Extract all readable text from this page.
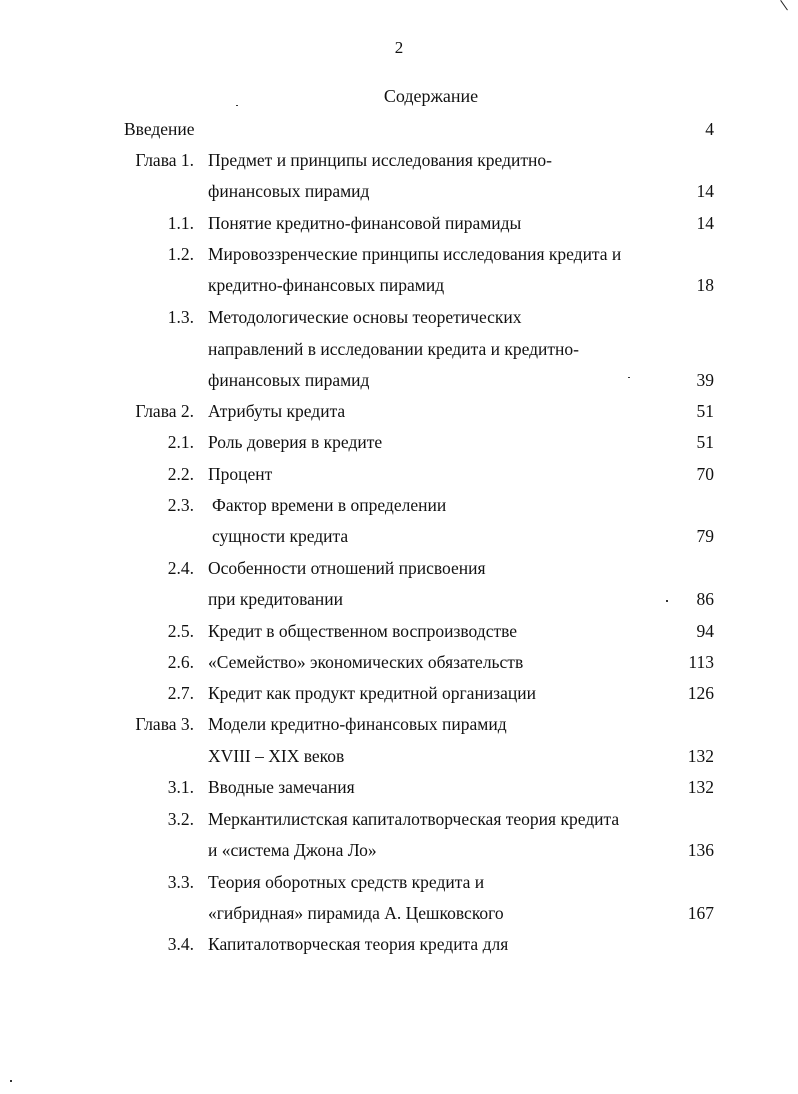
2
Содержание
Введение	4
Глава 1. Предмет и принципы исследования кредитно-
финансовых пирамид	14
1.1. Понятие кредитно-финансовой пирамиды	14
1.2. Мировоззренческие принципы исследования кредита и
кредитно-финансовых пирамид	18
1.3. Методологические основы теоретических
направлений в исследовании кредита и кредитно-
финансовых пирамид	39
Глава 2. Атрибуты кредита	51
2.1. Роль доверия в кредите	51
2.2. Процент	70
2.3. Фактор времени в определении
сущности кредита	79
2.4. Особенности отношений присвоения
при кредитовании	86
2.5. Кредит в общественном воспроизводстве	94
2.6. «Семейство» экономических обязательств	113
2.7. Кредит как продукт кредитной организации	126
Глава 3. Модели кредитно-финансовых пирамид
XVIII – XIX веков	132
3.1. Вводные замечания	132
3.2. Меркантилистская капиталотворческая теория кредита
и «система Джона Ло»	136
3.3. Теория оборотных средств кредита и
«гибридная» пирамида А. Цешковского	167
3.4. Капиталотворческая теория кредита для
